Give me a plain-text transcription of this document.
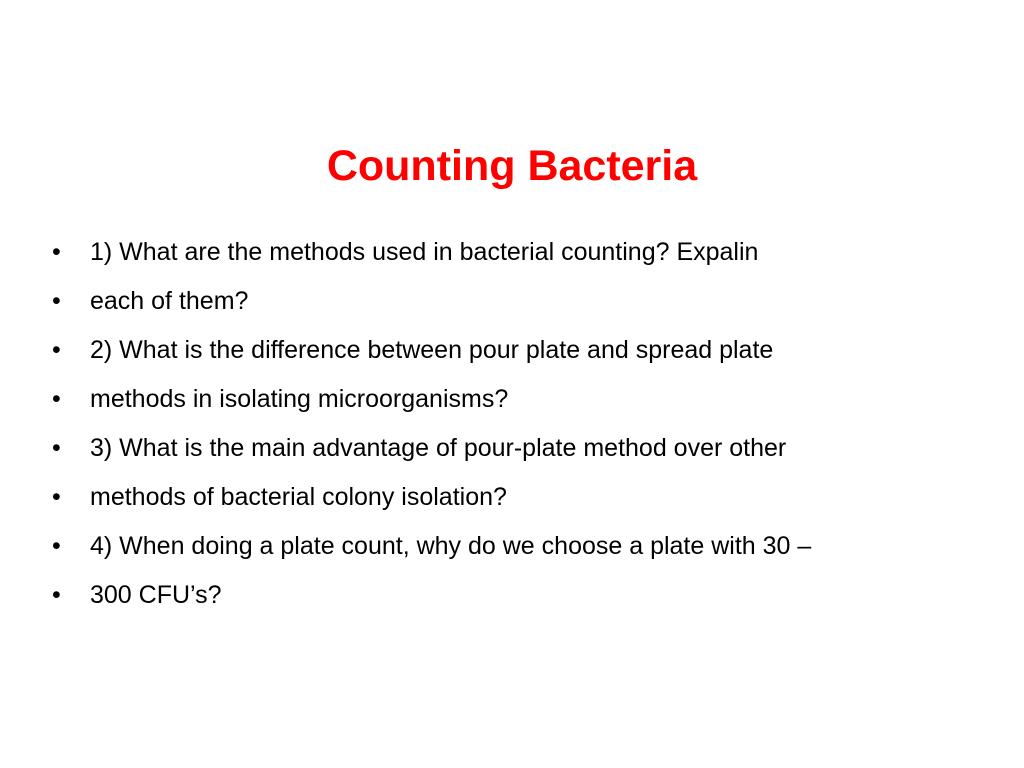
Counting Bacteria
• 1) What are the methods used in bacterial counting? Expalin
• each of them?
• 2) What is the difference between pour plate and spread plate
• methods in isolating microorganisms?
• 3) What is the main advantage of pour-plate method over other
• methods of bacterial colony isolation?
• 4) When doing a plate count, why do we choose a plate with 30 –
• 300 CFU’s?
